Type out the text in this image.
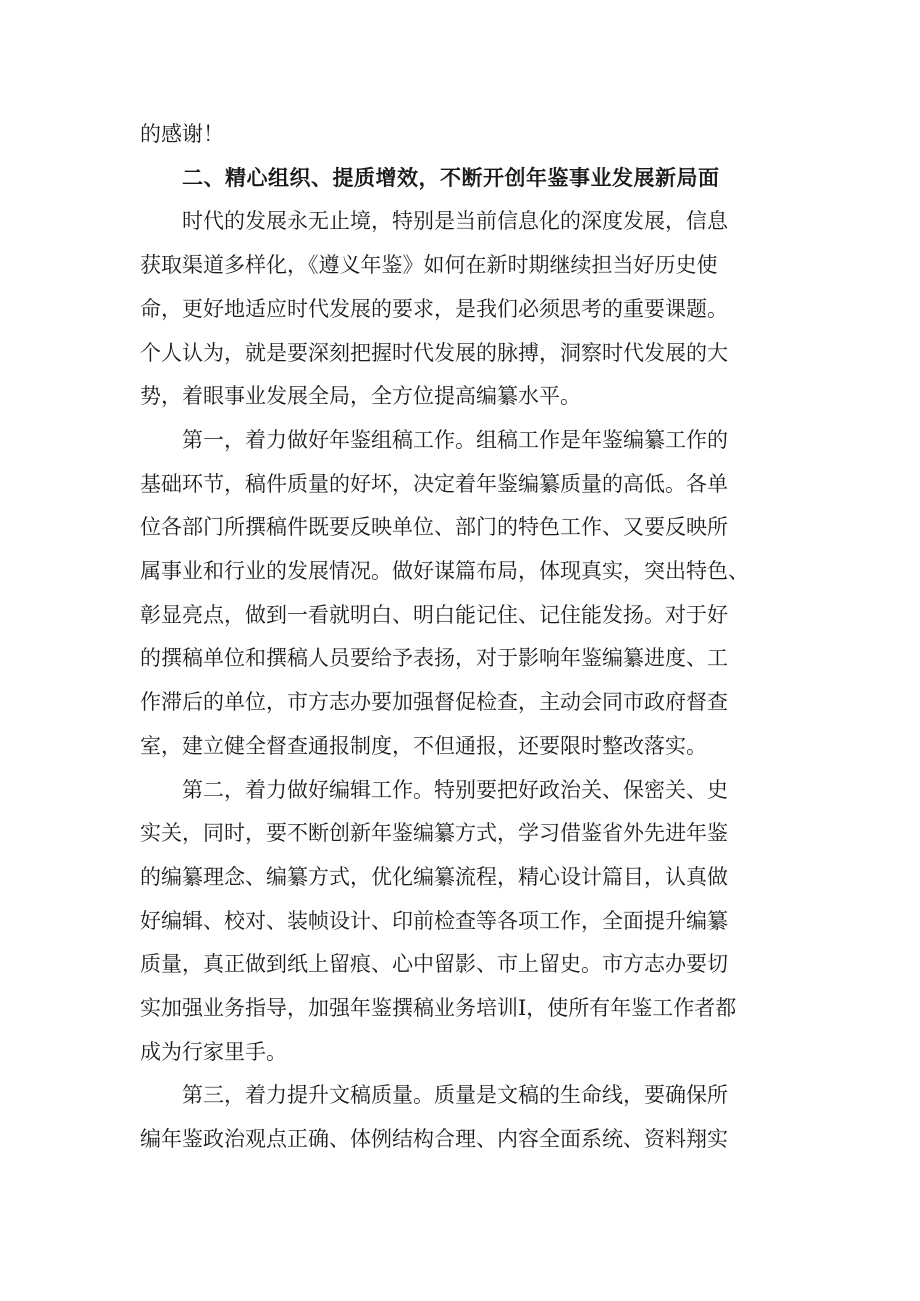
的感谢！

二、精心组织、提质增效，不断开创年鉴事业发展新局面

时代的发展永无止境，特别是当前信息化的深度发展，信息
获取渠道多样化，《遵义年鉴》如何在新时期继续担当好历史使
命，更好地适应时代发展的要求，是我们必须思考的重要课题。
个人认为，就是要深刻把握时代发展的脉搏，洞察时代发展的大
势，着眼事业发展全局，全方位提高编纂水平。

第一，着力做好年鉴组稿工作。组稿工作是年鉴编纂工作的
基础环节，稿件质量的好坏，决定着年鉴编纂质量的高低。各单
位各部门所撰稿件既要反映单位、部门的特色工作、又要反映所
属事业和行业的发展情况。做好谋篇布局，体现真实，突出特色、
彰显亮点，做到一看就明白、明白能记住、记住能发扬。对于好
的撰稿单位和撰稿人员要给予表扬，对于影响年鉴编纂进度、工
作滞后的单位，市方志办要加强督促检查，主动会同市政府督查
室，建立健全督查通报制度，不但通报，还要限时整改落实。

第二，着力做好编辑工作。特别要把好政治关、保密关、史
实关，同时，要不断创新年鉴编纂方式，学习借鉴省外先进年鉴
的编纂理念、编纂方式，优化编纂流程，精心设计篇目，认真做
好编辑、校对、装帧设计、印前检查等各项工作，全面提升编纂
质量，真正做到纸上留痕、心中留影、市上留史。市方志办要切
实加强业务指导，加强年鉴撰稿业务培训I，使所有年鉴工作者都
成为行家里手。

第三，着力提升文稿质量。质量是文稿的生命线，要确保所
编年鉴政治观点正确、体例结构合理、内容全面系统、资料翔实
